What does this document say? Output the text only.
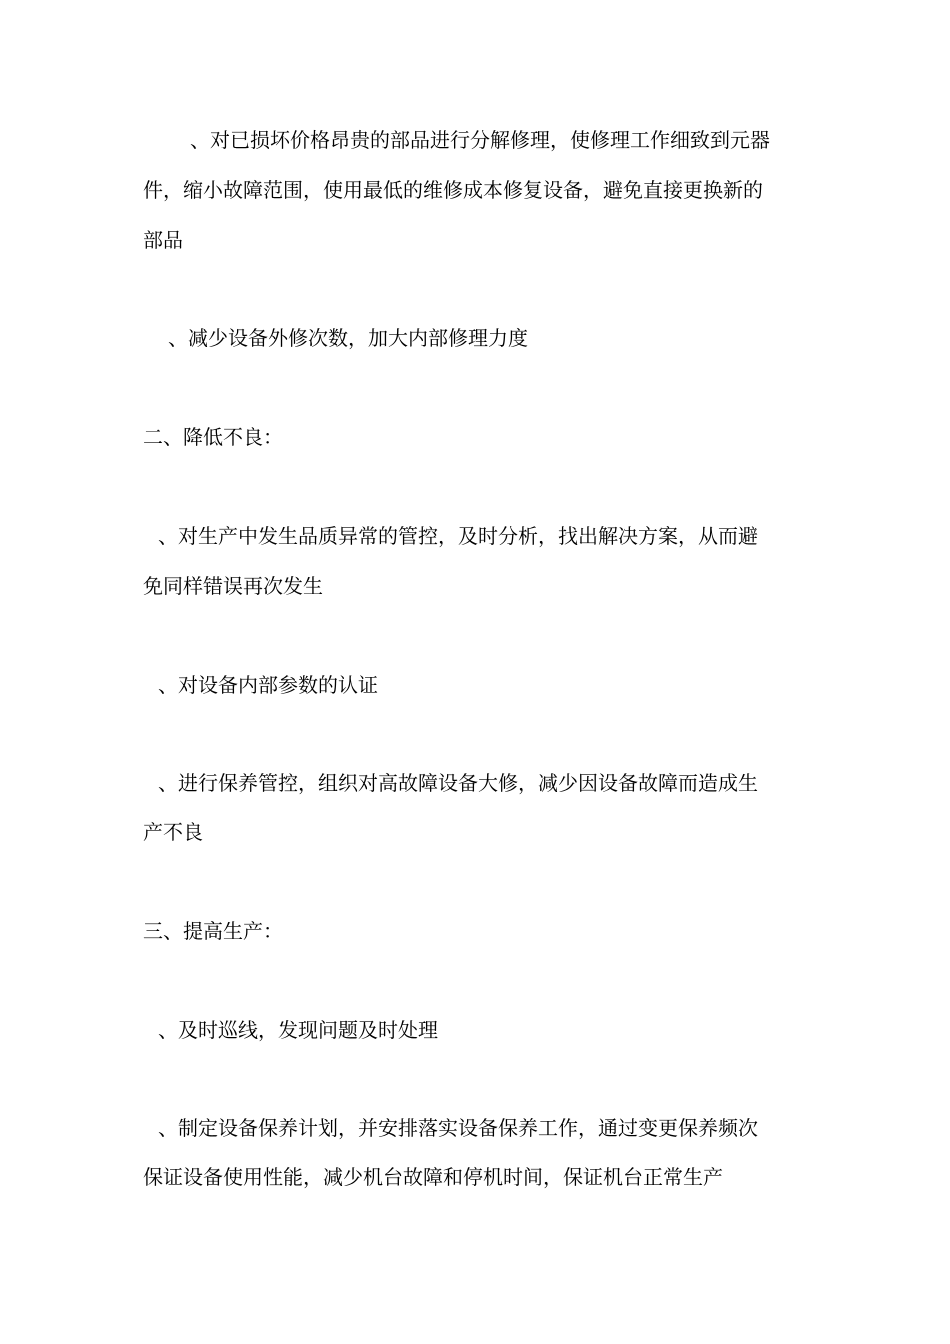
、对已损坏价格昂贵的部品进行分解修理，使修理工作细致到元器
件，缩小故障范围，使用最低的维修成本修复设备，避免直接更换新的
部品
、减少设备外修次数，加大内部修理力度
二、降低不良：
、对生产中发生品质异常的管控，及时分析，找出解决方案，从而避
免同样错误再次发生
、对设备内部参数的认证
、进行保养管控，组织对高故障设备大修，减少因设备故障而造成生
产不良
三、提高生产：
、及时巡线，发现问题及时处理
、制定设备保养计划，并安排落实设备保养工作，通过变更保养频次
保证设备使用性能，减少机台故障和停机时间，保证机台正常生产
